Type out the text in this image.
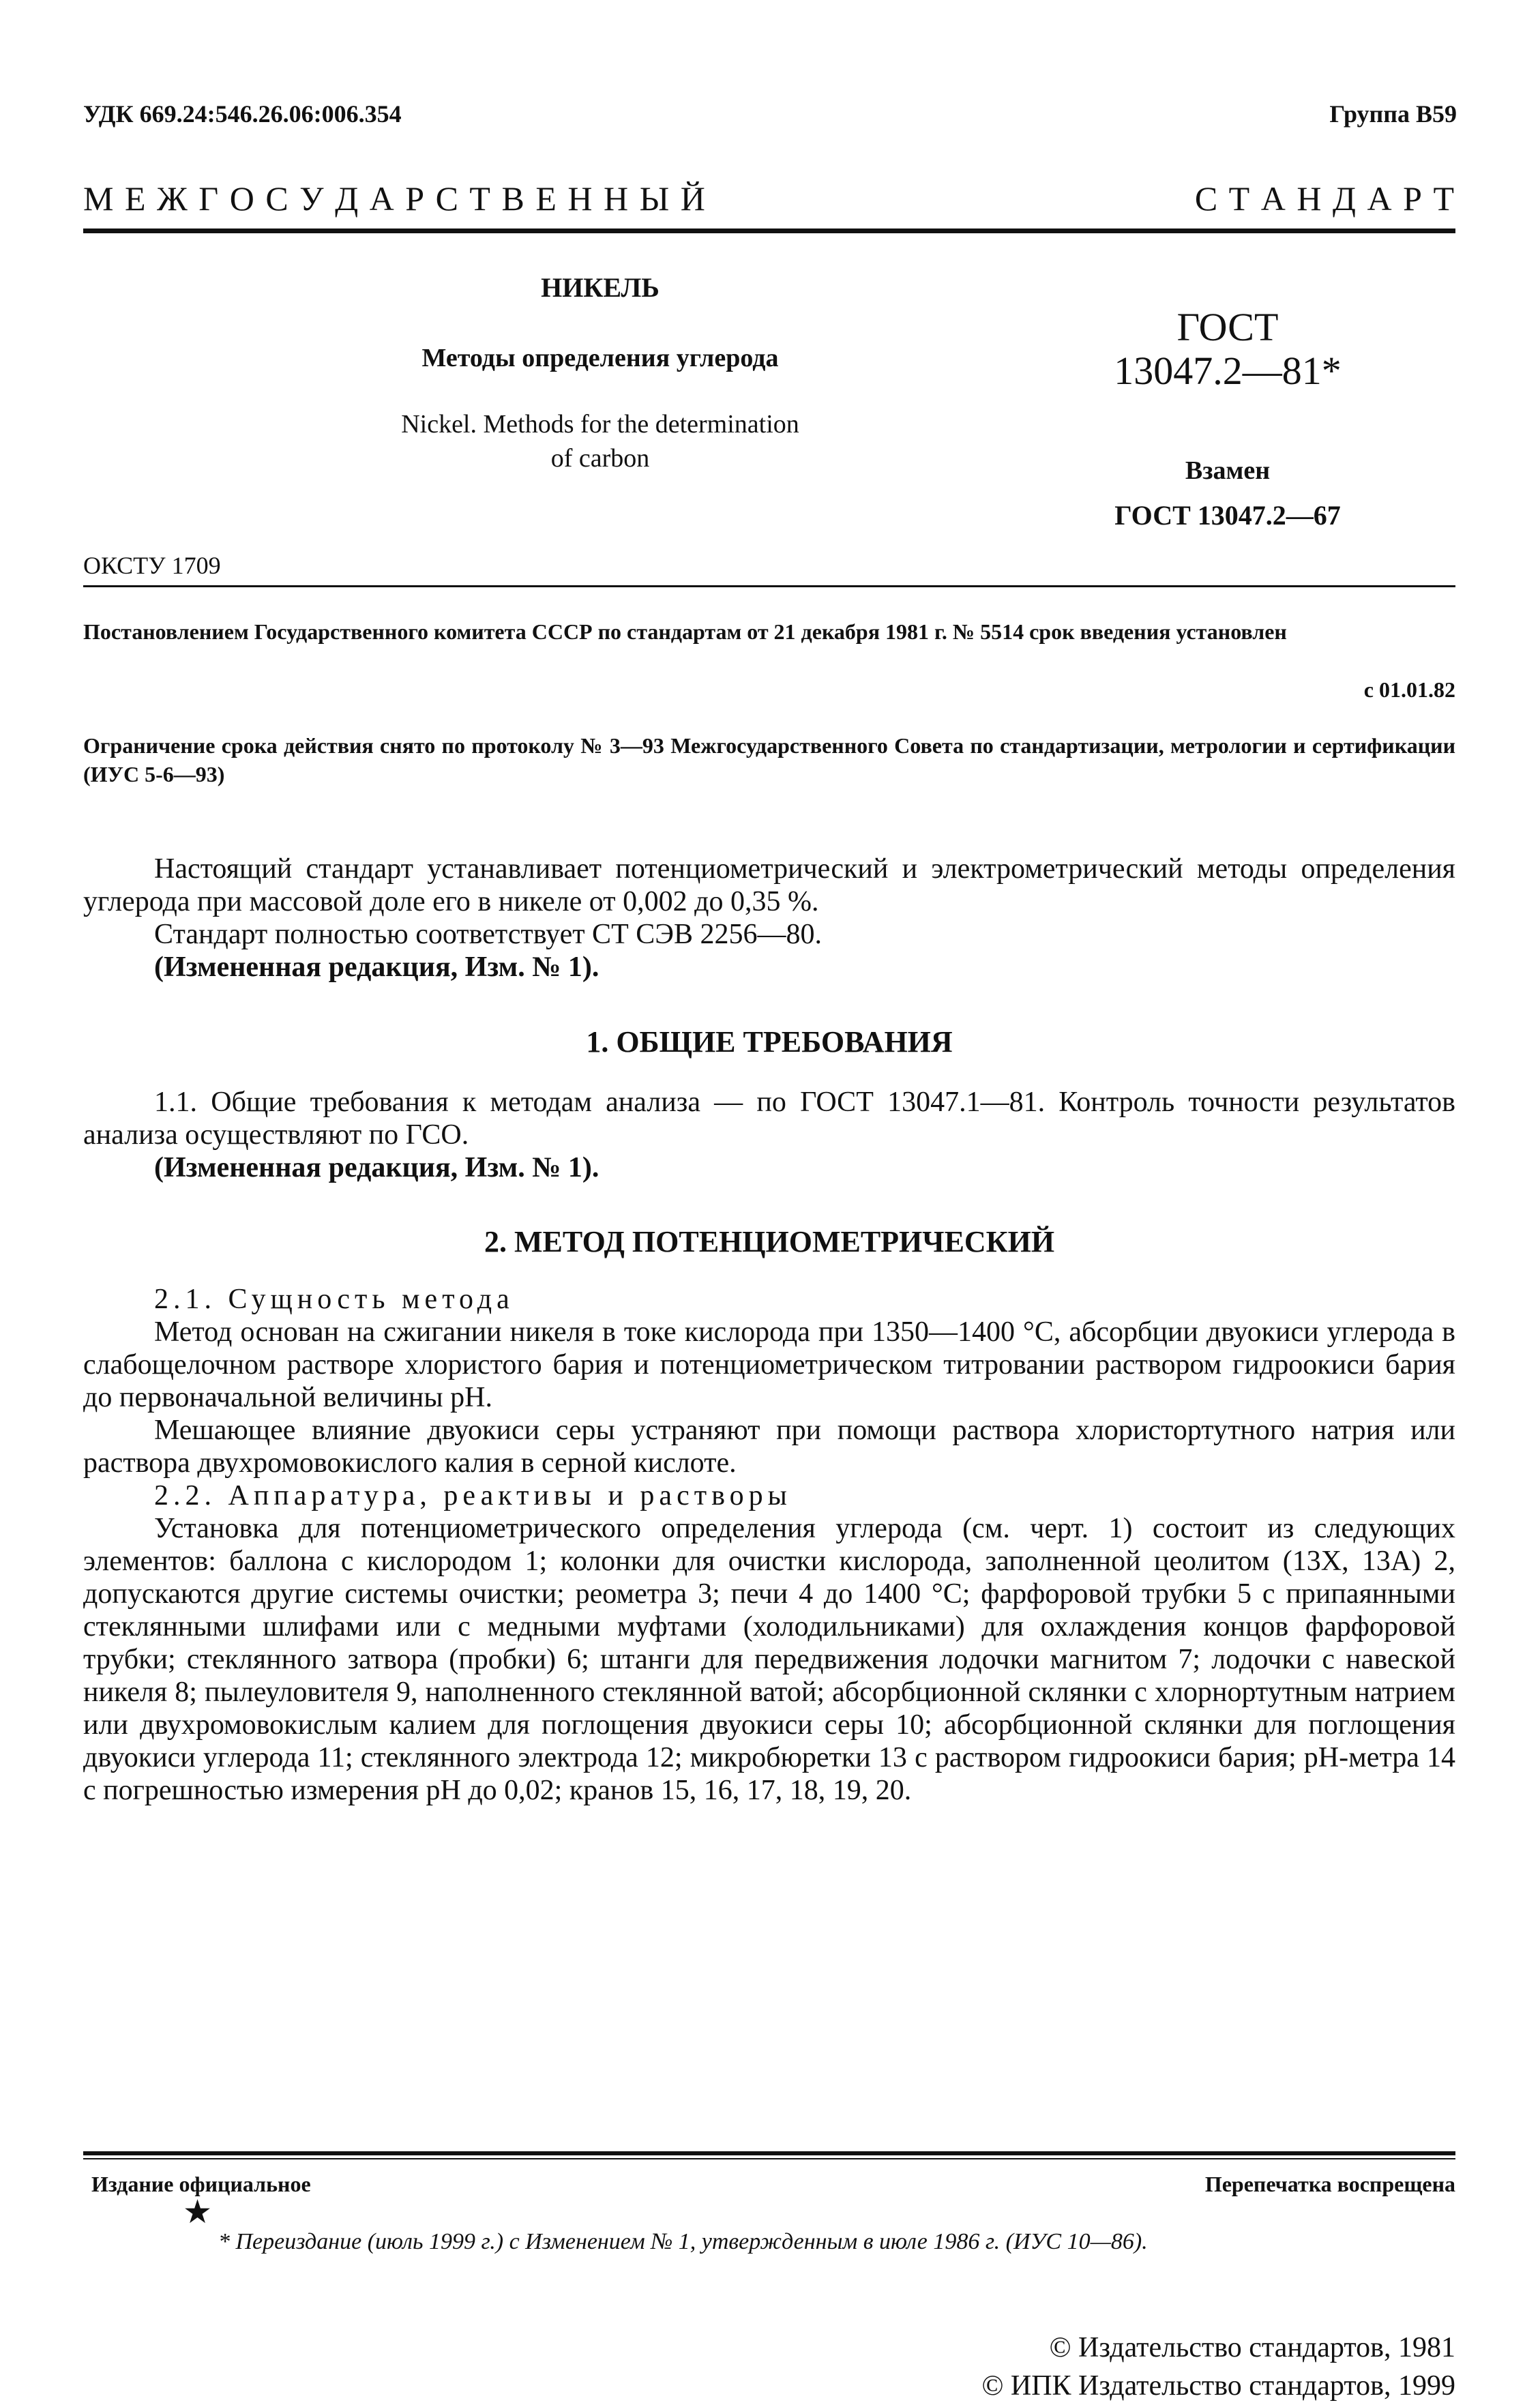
УДК 669.24:546.26.06:006.354	Группа В59
М Е Ж Г О С У Д А Р С Т В Е Н Н Ы Й	С Т А Н Д А Р Т
НИКЕЛЬ
Методы определения углерода
Nickel. Methods for the determination
of carbon
ГОСТ
13047.2—81*
Взамен
ГОСТ 13047.2—67
ОКСТУ 1709
Постановлением Государственного комитета СССР по стандартам от 21 декабря 1981 г. № 5514 срок введения установлен
с 01.01.82
Ограничение срока действия снято по протоколу № 3—93 Межгосударственного Совета по стандартизации, метрологии и сертификации (ИУС 5-6—93)
Настоящий стандарт устанавливает потенциометрический и электрометрический методы определения углерода при массовой доле его в никеле от 0,002 до 0,35 %.
Стандарт полностью соответствует СТ СЭВ 2256—80.
(Измененная редакция, Изм. № 1).
1. ОБЩИЕ ТРЕБОВАНИЯ
1.1. Общие требования к методам анализа — по ГОСТ 13047.1—81. Контроль точности результатов анализа осуществляют по ГСО.
(Измененная редакция, Изм. № 1).
2. МЕТОД ПОТЕНЦИОМЕТРИЧЕСКИЙ
2.1. Сущность метода
Метод основан на сжигании никеля в токе кислорода при 1350—1400 °С, абсорбции двуокиси углерода в слабощелочном растворе хлористого бария и потенциометрическом титровании раствором гидроокиси бария до первоначальной величины рН.
Мешающее влияние двуокиси серы устраняют при помощи раствора хлористортутного натрия или раствора двухромовокислого калия в серной кислоте.
2.2. Аппаратура, реактивы и растворы
Установка для потенциометрического определения углерода (см. черт. 1) состоит из следующих элементов: баллона с кислородом 1; колонки для очистки кислорода, заполненной цеолитом (13Х, 13А) 2, допускаются другие системы очистки; реометра 3; печи 4 до 1400 °С; фарфоровой трубки 5 с припаянными стеклянными шлифами или с медными муфтами (холодильниками) для охлаждения концов фарфоровой трубки; стеклянного затвора (пробки) 6; штанги для передвижения лодочки магнитом 7; лодочки с навеской никеля 8; пылеуловителя 9, наполненного стеклянной ватой; абсорбционной склянки с хлорнортутным натрием или двухромовокислым калием для поглощения двуокиси серы 10; абсорбционной склянки для поглощения двуокиси углерода 11; стеклянного электрода 12; микробюретки 13 с раствором гидроокиси бария; рН-метра 14 с погрешностью измерения рН до 0,02; кранов 15, 16, 17, 18, 19, 20.
Издание официальное	Перепечатка воспрещена
★
* Переиздание (июль 1999 г.) с Изменением № 1, утвержденным в июле 1986 г. (ИУС 10—86).
© Издательство стандартов, 1981
© ИПК Издательство стандартов, 1999
